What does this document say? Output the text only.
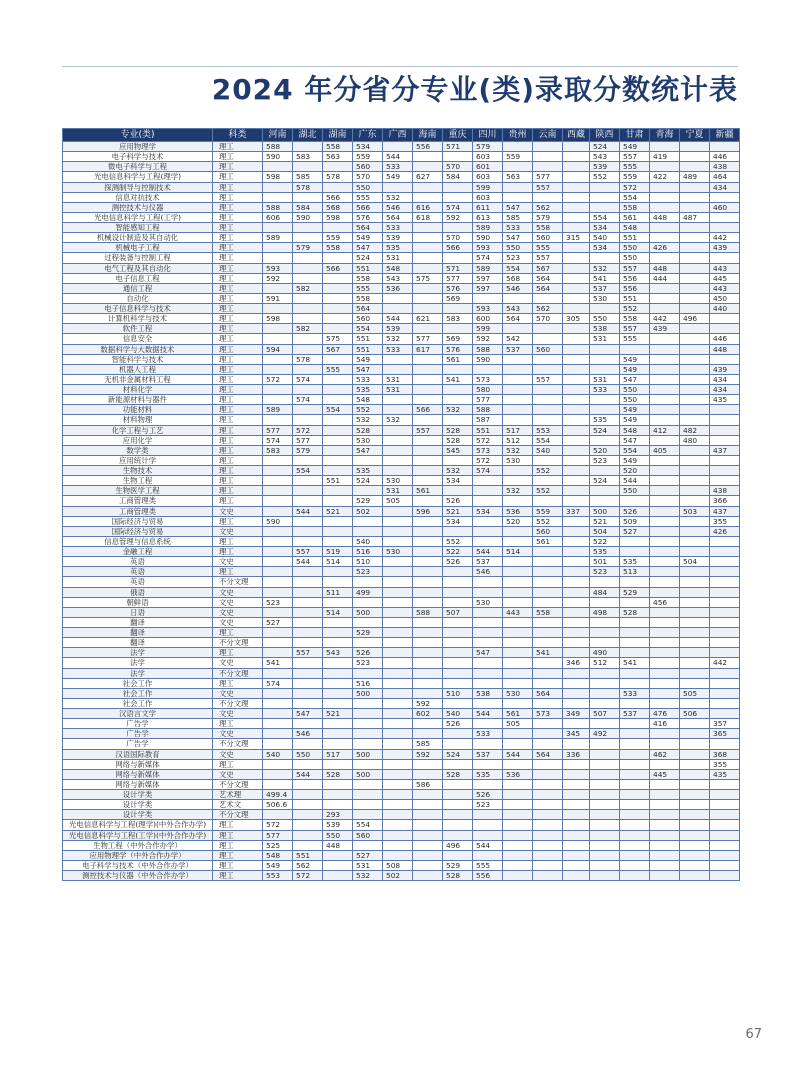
2024 年分省分专业(类)录取分数统计表
专业(类)	科类	河南	湖北	湖南	广东	广西	海南	重庆	四川	贵州	云南	西藏	陕西	甘肃	青海	宁夏	新疆
应用物理学	理工	588		558	534		556	571	579				524	549			
电子科学与技术	理工	590	583	563	559	544			603	559			543	557	419		446
微电子科学与工程	理工				560	533		570	601				539	555			438
光电信息科学与工程(理学)	理工	598	585	578	570	549	627	584	603	563	577		552	559	422	489	464
探测制导与控制技术	理工		578		550				599		557			572			434
信息对抗技术	理工			566	555	532			603					554			
测控技术与仪器	理工	588	584	568	566	546	616	574	611	547	562			558			460
光电信息科学与工程(工学)	理工	606	590	598	576	564	618	592	613	585	579		554	561	448	487	
智能感知工程	理工				564	533			589	533	558		534	548			
机械设计制造及其自动化	理工	589		559	549	539		570	590	547	560	315	540	551			442
机械电子工程	理工		579	558	547	535		566	593	550	555		534	550	426		439
过程装备与控制工程	理工				524	531			574	523	557			550			
电气工程及其自动化	理工	593		566	551	548		571	589	554	567		532	557	448		443
电子信息工程	理工	592			558	543	575	577	597	568	564		541	556	444		445
通信工程	理工		582		555	536		576	597	546	564		537	556			443
自动化	理工	591			558			569					530	551			450
电子信息科学与技术	理工				564				593	543	562			552			440
计算机科学与技术	理工	598			560	544	621	583	600	564	570	305	550	558	442	496	
软件工程	理工		582		554	539			599				538	557	439		
信息安全	理工			575	551	532	577	569	592	542			531	555			446
数据科学与大数据技术	理工	594		567	551	533	617	576	588	537	560						448
智能科学与技术	理工		578		549			561	590					549			
机器人工程	理工			555	547									549			439
无机非金属材料工程	理工	572	574		533	531		541	573		557		531	547			434
材料化学	理工				535	531			580				533	550			434
新能源材料与器件	理工		574		548				577					550			435
功能材料	理工	589		554	552		566	532	588					549			
材料物理	理工				532	532			587				535	549			
化学工程与工艺	理工	577	572		528		557	528	551	517	553		524	548	412	482	
应用化学	理工	574	577		530			528	572	512	554			547		480	
数学类	理工	583	579		547			545	573	532	540		520	554	405		437
应用统计学	理工								572	530			523	549			
生物技术	理工		554		535			532	574		552			520			
生物工程	理工			551	524	530		534					524	544			
生物医学工程	理工					531	561			532	552			550			438
工商管理类	理工				529	505		526									366
工商管理类	文史		544	521	502		596	521	534	536	559	337	500	526		503	437
国际经济与贸易	理工	590						534		520	552		521	509			355
国际经济与贸易	文史										560		504	527			426
信息管理与信息系统	理工				540			552			561		522				
金融工程	理工		557	519	516	530		522	544	514			535				
英语	文史		544	514	510			526	537				501	535		504	
英语	理工				523				546				523	513			
英语	不分文理																
俄语	文史			511	499								484	529			
朝鲜语	文史	523							530						456		
日语	文史			514	500		588	507		443	558		498	528			
翻译	文史	527															
翻译	理工				529												
翻译	不分文理																
法学	理工		557	543	526				547		541		490				
法学	文史	541			523							346	512	541			442
法学	不分文理																
社会工作	理工	574			516												
社会工作	文史				500			510	538	530	564			533		505	
社会工作	不分文理						592										
汉语言文学	文史		547	521			602	540	544	561	573	349	507	537	476	506	
广告学	理工							526		505					416		357
广告学	文史		546						533			345	492				365
广告学	不分文理						585										
汉语国际教育	文史	540	550	517	500		592	524	537	544	564	336			462		368
网络与新媒体	理工																355
网络与新媒体	文史		544	528	500			528	535	536					445		435
网络与新媒体	不分文理						586										
设计学类	艺术理	499.4							526								
设计学类	艺术文	506.6							523								
设计学类	不分文理			293													
光电信息科学与工程(理学)(中外合作办学)	理工	572		539	554												
光电信息科学与工程(工学)(中外合作办学)	理工	577		550	560												
生物工程（中外合作办学）	理工	525		448				496	544								
应用物理学（中外合作办学）	理工	548	551		527												
电子科学与技术（中外合作办学）	理工	549	562		531	508		529	555								
测控技术与仪器（中外合作办学）	理工	553	572		532	502		528	556								
67
